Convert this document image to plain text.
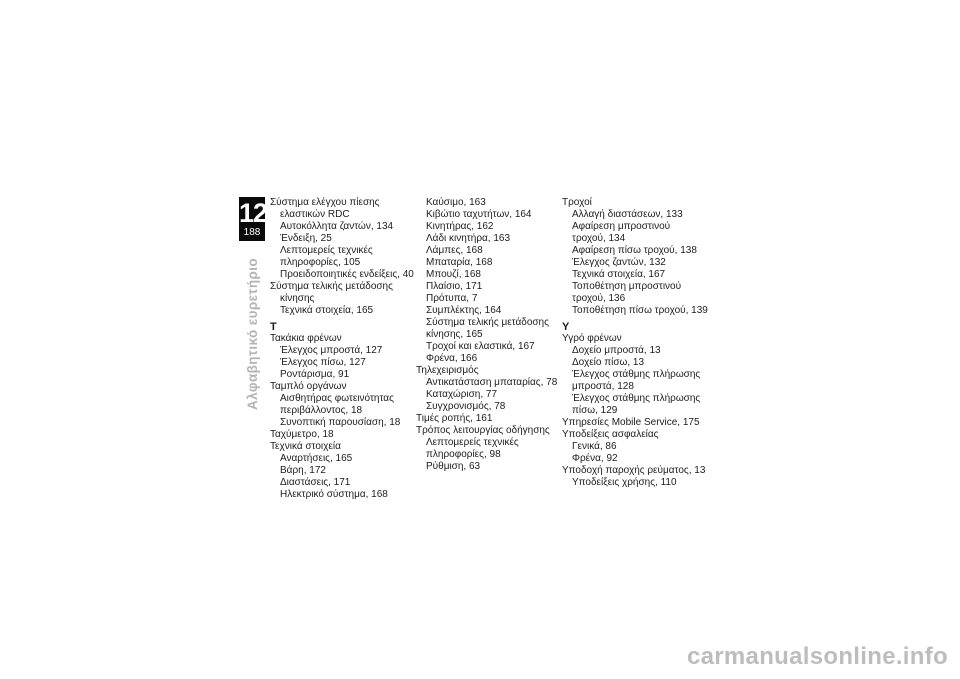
12
188
Αλφαβητικό ευρετήριο
Σύστημα ελέγχου πίεσης
ελαστικών RDC
Αυτοκόλλητα ζαντών, 134
Ένδειξη, 25
Λεπτομερείς τεχνικές
πληροφορίες, 105
Προειδοποιητικές ενδείξεις, 40
Σύστημα τελικής μετάδοσης
κίνησης
Τεχνικά στοιχεία, 165
Τ
Τακάκια φρένων
Έλεγχος μπροστά, 127
Έλεγχος πίσω, 127
Ροντάρισμα, 91
Ταμπλό οργάνων
Αισθητήρας φωτεινότητας
περιβάλλοντος, 18
Συνοπτική παρουσίαση, 18
Ταχύμετρο, 18
Τεχνικά στοιχεία
Αναρτήσεις, 165
Βάρη, 172
Διαστάσεις, 171
Ηλεκτρικό σύστημα, 168
Καύσιμο, 163
Κιβώτιο ταχυτήτων, 164
Κινητήρας, 162
Λάδι κινητήρα, 163
Λάμπες, 168
Μπαταρία, 168
Μπουζί, 168
Πλαίσιο, 171
Πρότυπα, 7
Συμπλέκτης, 164
Σύστημα τελικής μετάδοσης
κίνησης, 165
Τροχοί και ελαστικά, 167
Φρένα, 166
Τηλεχειρισμός
Αντικατάσταση μπαταρίας, 78
Καταχώριση, 77
Συγχρονισμός, 78
Τιμές ροπής, 161
Τρόπος λειτουργίας οδήγησης
Λεπτομερείς τεχνικές
πληροφορίες, 98
Ρύθμιση, 63
Τροχοί
Αλλαγή διαστάσεων, 133
Αφαίρεση μπροστινού
τροχού, 134
Αφαίρεση πίσω τροχού, 138
Έλεγχος ζαντών, 132
Τεχνικά στοιχεία, 167
Τοποθέτηση μπροστινού
τροχού, 136
Τοποθέτηση πίσω τροχού, 139
Υ
Υγρό φρένων
Δοχείο μπροστά, 13
Δοχείο πίσω, 13
Έλεγχος στάθμης πλήρωσης
μπροστά, 128
Έλεγχος στάθμης πλήρωσης
πίσω, 129
Υπηρεσίες Mobile Service, 175
Υποδείξεις ασφαλείας
Γενικά, 86
Φρένα, 92
Υποδοχή παροχής ρεύματος, 13
Υποδείξεις χρήσης, 110
carmanualsonline.info
